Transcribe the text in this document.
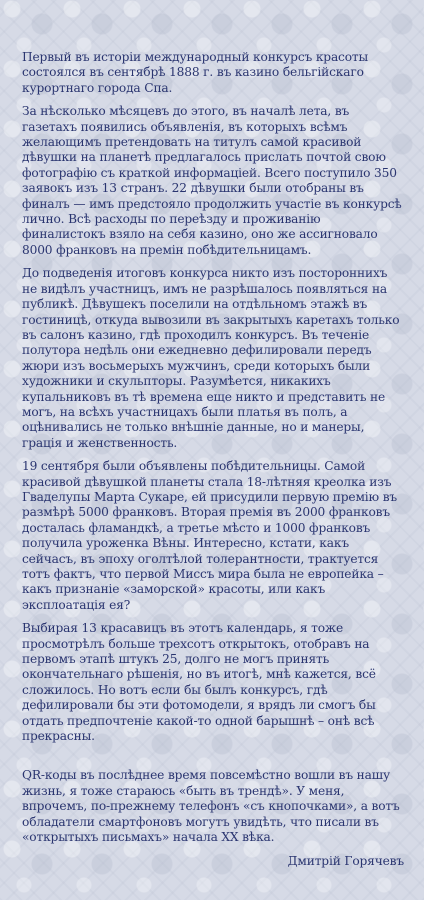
Первый въ исторіи международный конкурсъ красоты состоялся въ сентябрѣ 1888 г. въ казино бельгійскаго курортнаго города Спа.

За нѣсколько мѣсяцевъ до этого, въ началѣ лета, въ газетахъ появились объявленія, въ которыхъ всѣмъ желающимъ претендовать на титулъ самой красивой дѣвушки на планетѣ предлагалось прислать почтой свою фотографію съ краткой информаціей. Всего поступило 350 заявокъ изъ 13 странъ. 22 дѣвушки были отобраны въ финалъ — имъ предстояло продолжить участіе въ конкурсѣ лично. Всѣ расходы по переѣзду и проживанію финалистокъ взяло на себя казино, оно же ассигновало 8000 франковъ на премін побѣдительницамъ.

До подведенія итоговъ конкурса никто изъ постороннихъ не видѣлъ участницъ, имъ не разрѣшалось появляться на публикѣ. Дѣвушекъ поселили на отдѣльномъ этажѣ въ гостиницѣ, откуда вывозили въ закрытыхъ каретахъ только въ салонъ казино, гдѣ проходилъ конкурсъ. Въ теченіе полутора недѣль они ежедневно дефилировали передъ жюри изъ восьмерыхъ мужчинъ, среди которыхъ были художники и скульпторы. Разумѣется, никакихъ купальниковъ въ тѣ времена еще никто и представить не могъ, на всѣхъ участницахъ были платья въ полъ, а оцѣнивались не только внѣшніе данные, но и манеры, грація и женственность.

19 сентября были объявлены побѣдительницы. Самой красивой дѣвушкой планеты стала 18-лѣтняя креолка изъ Гваделупы Марта Сукаре, ей присудили первую премію въ размѣрѣ 5000 франковъ. Вторая премія въ 2000 франковъ досталась фламандкѣ, а третье мѣсто и 1000 франковъ получила уроженка Вѣны. Интересно, кстати, какъ сейчасъ, въ эпоху оголтѣлой толерантности, трактуется тотъ фактъ, что первой Миссъ мира была не европейка – какъ признаніе «заморской» красоты, или какъ эксплоатація ея?

Выбирая 13 красавицъ въ этотъ календарь, я тоже просмотрѣлъ больше трехсотъ открытокъ, отобравъ на первомъ этапѣ штукъ 25, долго не могъ принять окончательнаго рѣшенія, но въ итогѣ, мнѣ кажется, всё сложилось. Но вотъ если бы былъ конкурсъ, гдѣ дефилировали бы эти фотомодели, я врядъ ли смогъ бы отдать предпочтеніе какой-то одной барышнѣ – онѣ всѣ прекрасны.

QR-коды въ послѣднее время повсемѣстно вошли въ нашу жизнь, я тоже стараюсь «быть въ трендѣ». У меня, впрочемъ, по-прежнему телефонъ «съ кнопочками», а вотъ обладатели смартфоновъ могутъ увидѣть, что писали въ «открытыхъ письмахъ» начала XX вѣка.

Дмитрій Горячевъ
